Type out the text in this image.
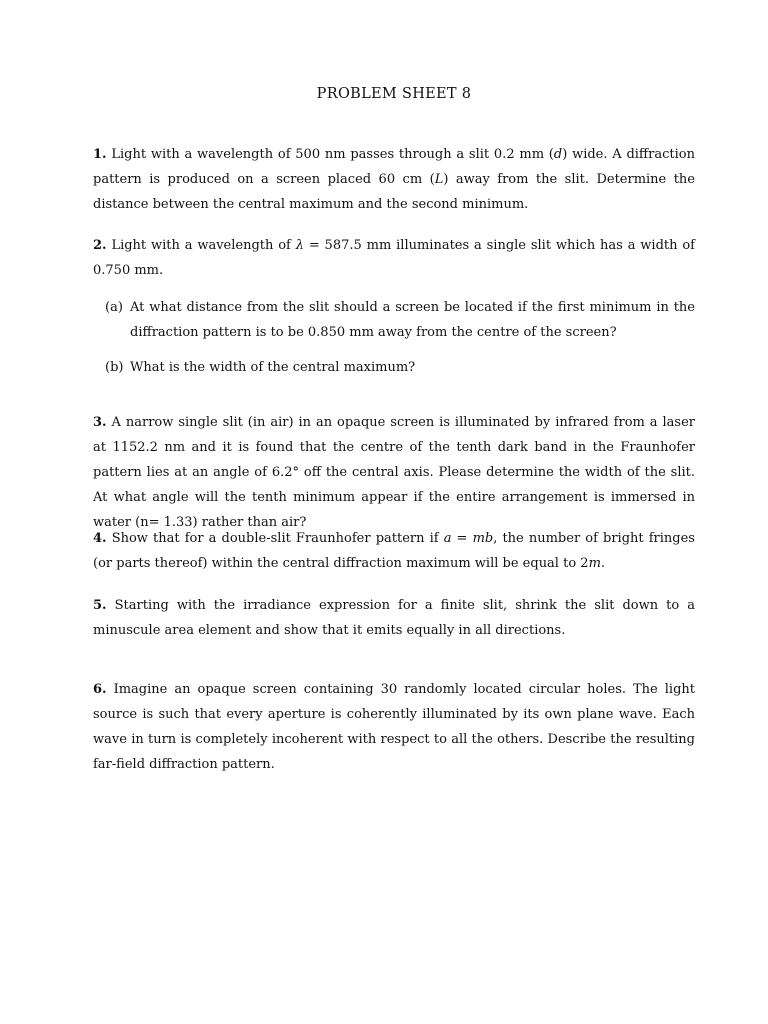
PROBLEM SHEET 8
1. Light with a wavelength of 500 nm passes through a slit 0.2 mm (d) wide. A diffraction pattern is produced on a screen placed 60 cm (L) away from the slit. Determine the distance between the central maximum and the second minimum.
2. Light with a wavelength of λ = 587.5 mm illuminates a single slit which has a width of 0.750 mm.
(a) At what distance from the slit should a screen be located if the first minimum in the diffraction pattern is to be 0.850 mm away from the centre of the screen?
(b) What is the width of the central maximum?
3. A narrow single slit (in air) in an opaque screen is illuminated by infrared from a laser at 1152.2 nm and it is found that the centre of the tenth dark band in the Fraunhofer pattern lies at an angle of 6.2° off the central axis. Please determine the width of the slit. At what angle will the tenth minimum appear if the entire arrangement is immersed in water (n= 1.33) rather than air?
4. Show that for a double-slit Fraunhofer pattern if a = mb, the number of bright fringes (or parts thereof) within the central diffraction maximum will be equal to 2m.
5. Starting with the irradiance expression for a finite slit, shrink the slit down to a minuscule area element and show that it emits equally in all directions.
6. Imagine an opaque screen containing 30 randomly located circular holes. The light source is such that every aperture is coherently illuminated by its own plane wave. Each wave in turn is completely incoherent with respect to all the others. Describe the resulting far-field diffraction pattern.
